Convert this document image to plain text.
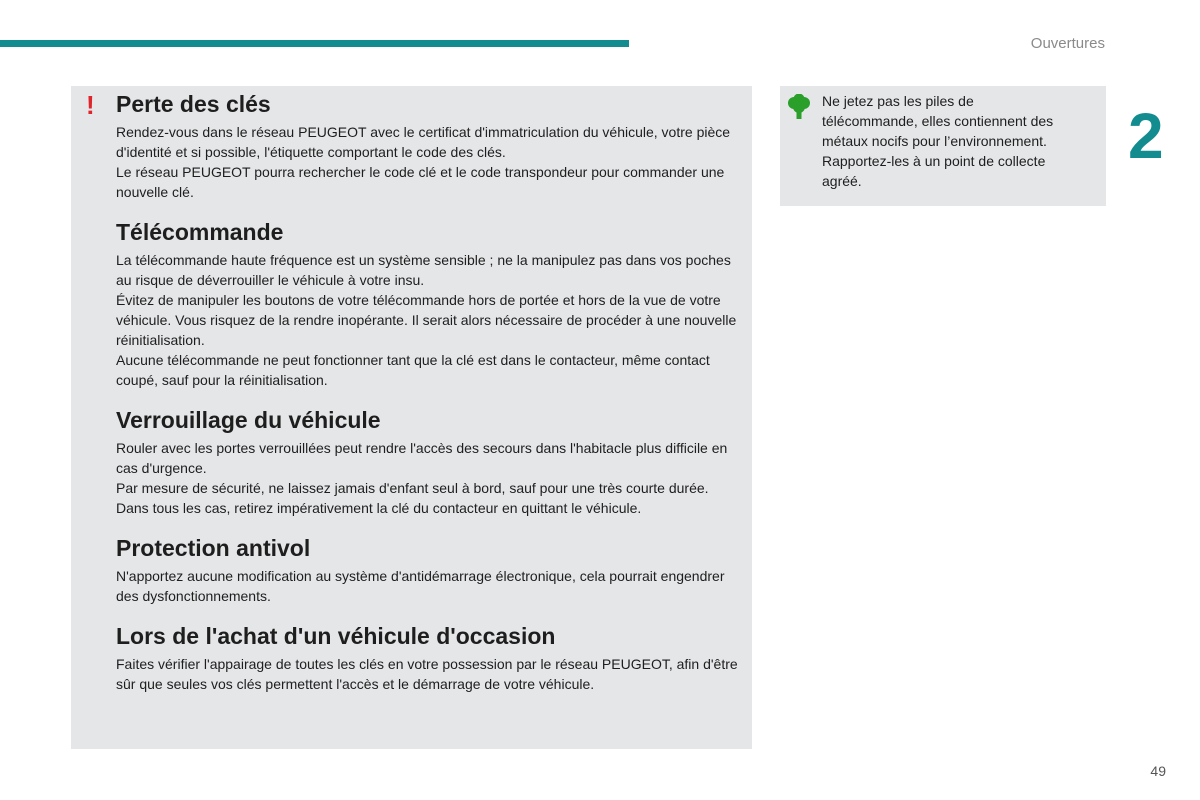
Ouvertures
2
! Perte des clés

Rendez-vous dans le réseau PEUGEOT avec le certificat d'immatriculation du véhicule, votre pièce d'identité et si possible, l'étiquette comportant le code des clés.

Le réseau PEUGEOT pourra rechercher le code clé et le code transpondeur pour commander une nouvelle clé.

Télécommande

La télécommande haute fréquence est un système sensible ; ne la manipulez pas dans vos poches au risque de déverrouiller le véhicule à votre insu.

Évitez de manipuler les boutons de votre télécommande hors de portée et hors de la vue de votre véhicule. Vous risquez de la rendre inopérante. Il serait alors nécessaire de procéder à une nouvelle réinitialisation.

Aucune télécommande ne peut fonctionner tant que la clé est dans le contacteur, même contact coupé, sauf pour la réinitialisation.

Verrouillage du véhicule

Rouler avec les portes verrouillées peut rendre l'accès des secours dans l'habitacle plus difficile en cas d'urgence.

Par mesure de sécurité, ne laissez jamais d'enfant seul à bord, sauf pour une très courte durée.

Dans tous les cas, retirez impérativement la clé du contacteur en quittant le véhicule.

Protection antivol

N'apportez aucune modification au système d'antidémarrage électronique, cela pourrait engendrer des dysfonctionnements.

Lors de l'achat d'un véhicule d'occasion

Faites vérifier l'appairage de toutes les clés en votre possession par le réseau PEUGEOT, afin d'être sûr que seules vos clés permettent l'accès et le démarrage de votre véhicule.

Ne jetez pas les piles de
télécommande, elles contiennent des
métaux nocifs pour l’environnement.
Rapportez-les à un point de collecte
agréé.
49
